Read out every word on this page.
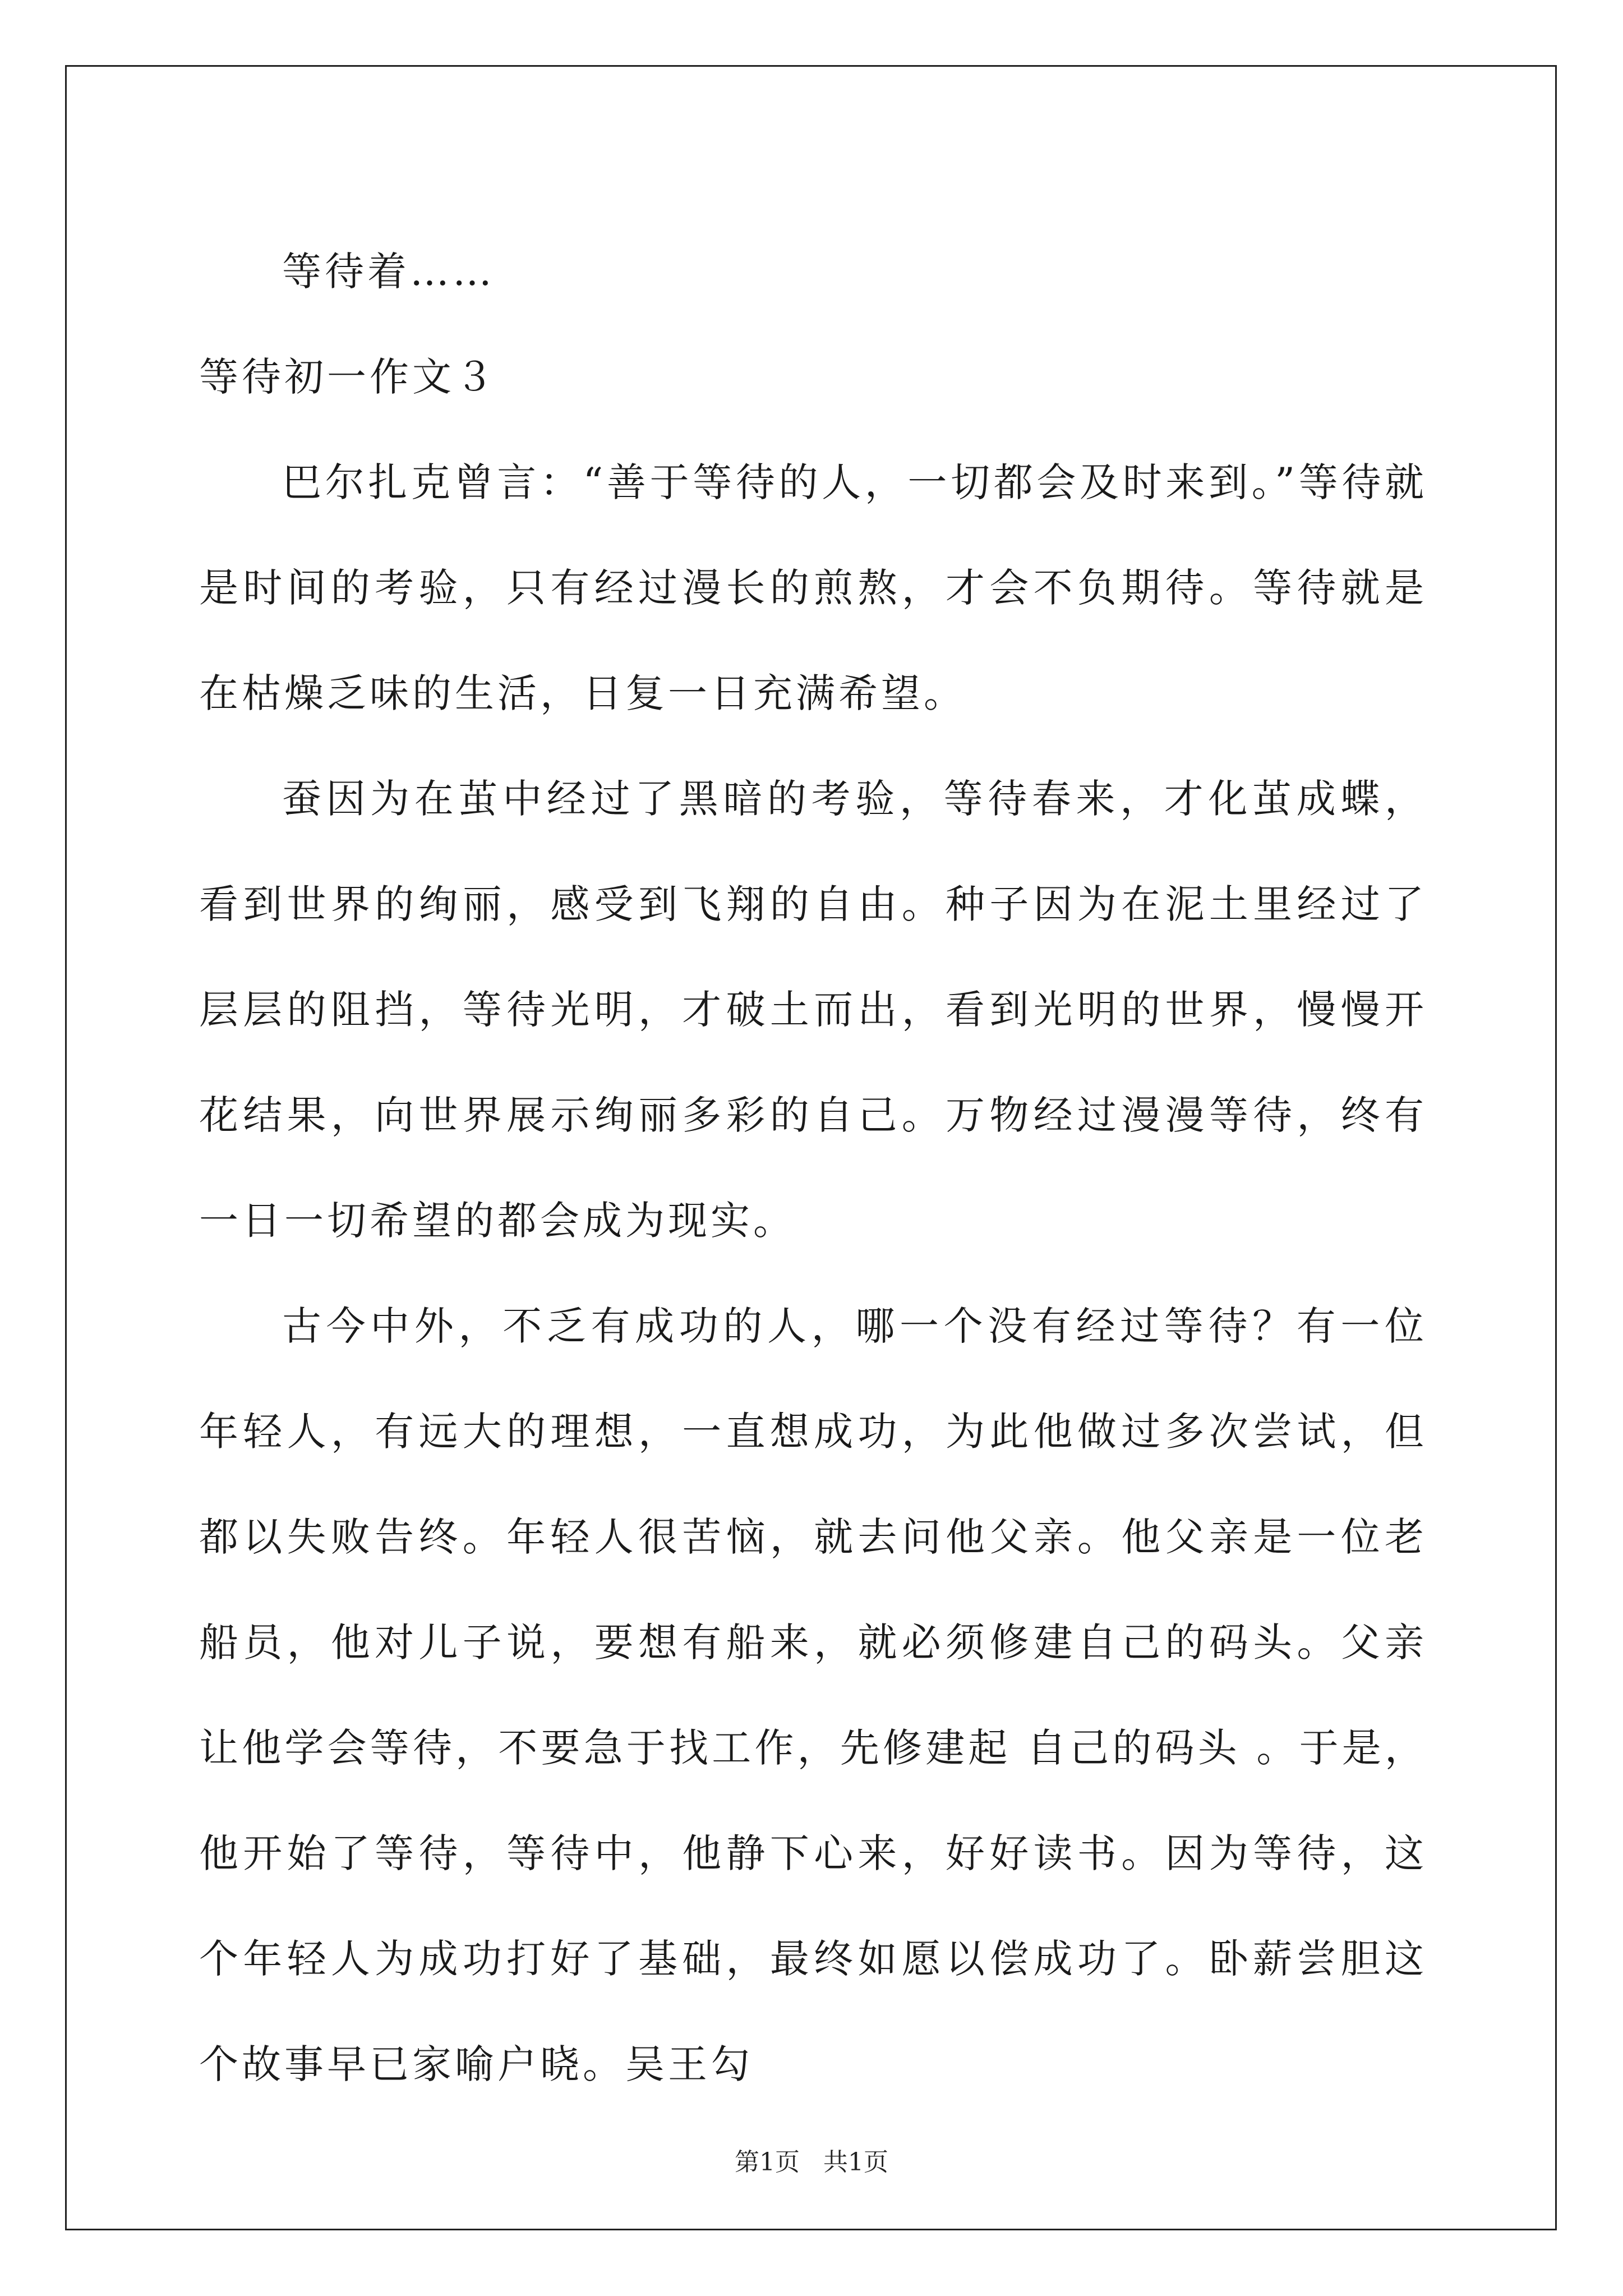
等待着……

等待初一作文３

巴尔扎克曾言：“善于等待的人，一切都会及时来到。”等待就是时间的考验，只有经过漫长的煎熬，才会不负期待。等待就是在枯燥乏味的生活，日复一日充满希望。

蚕因为在茧中经过了黑暗的考验，等待春来，才化茧成蝶，看到世界的绚丽，感受到飞翔的自由。种子因为在泥土里经过了层层的阻挡，等待光明，才破土而出，看到光明的世界，慢慢开花结果，向世界展示绚丽多彩的自己。万物经过漫漫等待，终有一日一切希望的都会成为现实。

古今中外，不乏有成功的人，哪一个没有经过等待？有一位年轻人，有远大的理想，一直想成功，为此他做过多次尝试，但都以失败告终。年轻人很苦恼，就去问他父亲。他父亲是一位老船员，他对儿子说，要想有船来，就必须修建自己的码头。父亲让他学会等待，不要急于找工作，先修建起 自己的码头 。于是，他开始了等待，等待中，他静下心来，好好读书。因为等待，这个年轻人为成功打好了基础，最终如愿以偿成功了。卧薪尝胆这个故事早已家喻户晓。吴王勾

第1页 共1页
